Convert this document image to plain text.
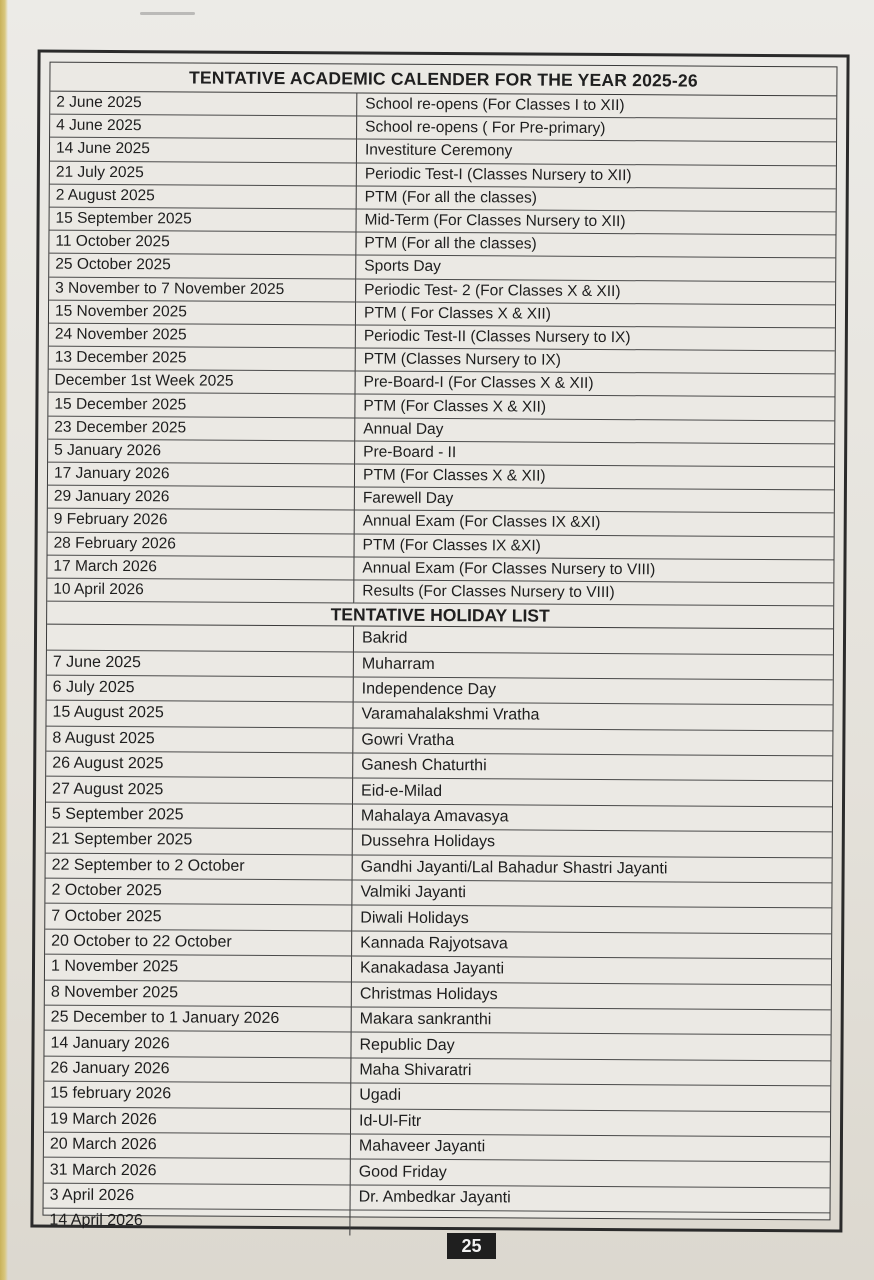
TENTATIVE ACADEMIC CALENDER FOR THE YEAR 2025-26
2 June 2025	School re-opens (For Classes I to XII)
4 June 2025	School re-opens ( For Pre-primary)
14 June 2025	Investiture Ceremony
21 July 2025	Periodic Test-I (Classes Nursery to XII)
2 August 2025	PTM (For all the classes)
15 September 2025	Mid-Term (For Classes Nursery to XII)
11 October 2025	PTM (For all the classes)
25 October 2025	Sports Day
3 November to 7 November 2025	Periodic Test- 2 (For Classes X & XII)
15 November 2025	PTM ( For Classes X & XII)
24 November 2025	Periodic Test-II (Classes Nursery to IX)
13 December 2025	PTM (Classes Nursery to IX)
December 1st Week 2025	Pre-Board-I (For Classes X & XII)
15 December 2025	PTM (For Classes X & XII)
23 December 2025	Annual Day
5 January 2026	Pre-Board - II
17 January 2026	PTM (For Classes X & XII)
29 January 2026	Farewell Day
9 February 2026	Annual Exam (For Classes IX &XI)
28 February 2026	PTM (For Classes IX &XI)
17 March 2026	Annual Exam (For Classes Nursery to VIII)
10 April 2026	Results (For Classes Nursery to VIII)
TENTATIVE HOLIDAY LIST
	Bakrid
7 June 2025	Muharram
6 July 2025	Independence Day
15 August 2025	Varamahalakshmi Vratha
8 August 2025	Gowri Vratha
26 August 2025	Ganesh Chaturthi
27 August 2025	Eid-e-Milad
5 September 2025	Mahalaya Amavasya
21 September 2025	Dussehra Holidays
22 September to 2 October	Gandhi Jayanti/Lal Bahadur Shastri Jayanti
2 October 2025	Valmiki Jayanti
7 October 2025	Diwali Holidays
20 October to 22 October	Kannada Rajyotsava
1 November 2025	Kanakadasa Jayanti
8 November 2025	Christmas Holidays
25 December to 1 January 2026	Makara sankranthi
14 January 2026	Republic Day
26 January 2026	Maha Shivaratri
15 february 2026	Ugadi
19 March 2026	Id-Ul-Fitr
20 March 2026	Mahaveer Jayanti
31 March 2026	Good Friday
3 April 2026	Dr. Ambedkar Jayanti
14 April 2026	
25
